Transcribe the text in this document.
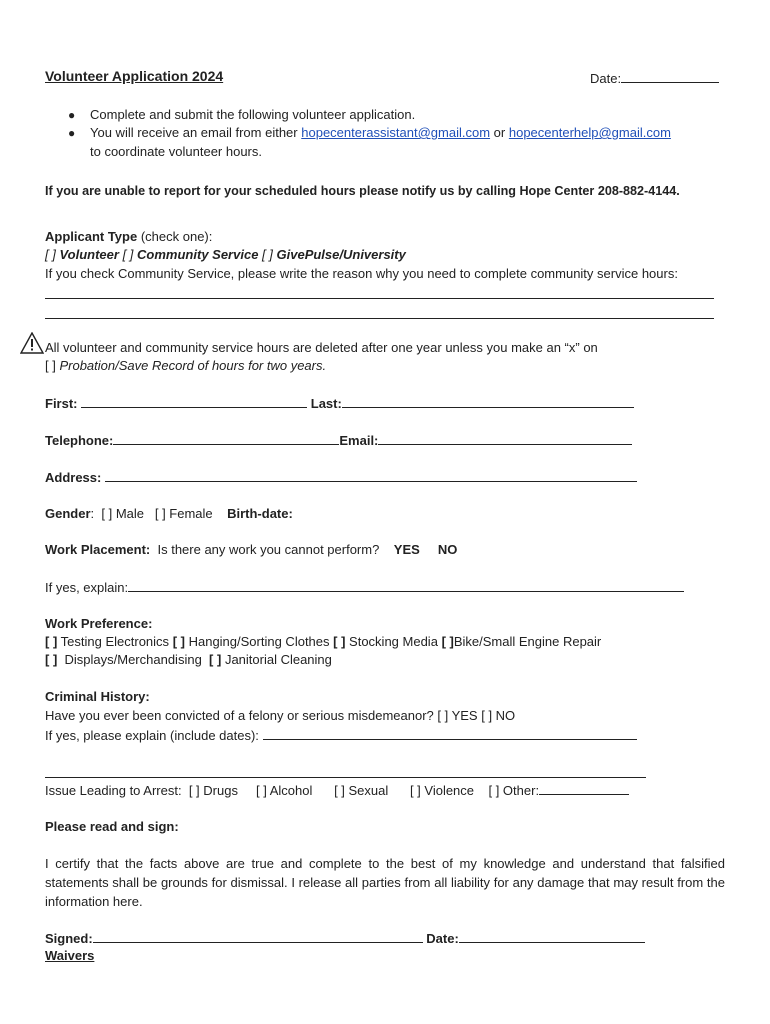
Volunteer Application 2024	Date:
● Complete and submit the following volunteer application.
● You will receive an email from either hopecenterassistant@gmail.com or hopecenterhelp@gmail.com
to coordinate volunteer hours.
If you are unable to report for your scheduled hours please notify us by calling Hope Center 208-882-4144.
Applicant Type (check one):
[ ] Volunteer [ ] Community Service [ ] GivePulse/University
If you check Community Service, please write the reason why you need to complete community service hours:
All volunteer and community service hours are deleted after one year unless you make an “x” on
[ ] Probation/Save Record of hours for two years.
First:	Last:
Telephone:	Email:
Address:
Gender: [ ] Male [ ] Female Birth-date:
Work Placement: Is there any work you cannot perform? YES NO
If yes, explain:
Work Preference:
[ ] Testing Electronics [ ] Hanging/Sorting Clothes [ ] Stocking Media [ ]Bike/Small Engine Repair
[ ] Displays/Merchandising [ ] Janitorial Cleaning
Criminal History:
Have you ever been convicted of a felony or serious misdemeanor? [ ] YES [ ] NO
If yes, please explain (include dates):
Issue Leading to Arrest: [ ] Drugs [ ] Alcohol [ ] Sexual [ ] Violence [ ] Other:
Please read and sign:
I certify that the facts above are true and complete to the best of my knowledge and understand that falsified statements shall be grounds for dismissal. I release all parties from all liability for any damage that may result from the information here.
Signed:	Date:
Waivers
